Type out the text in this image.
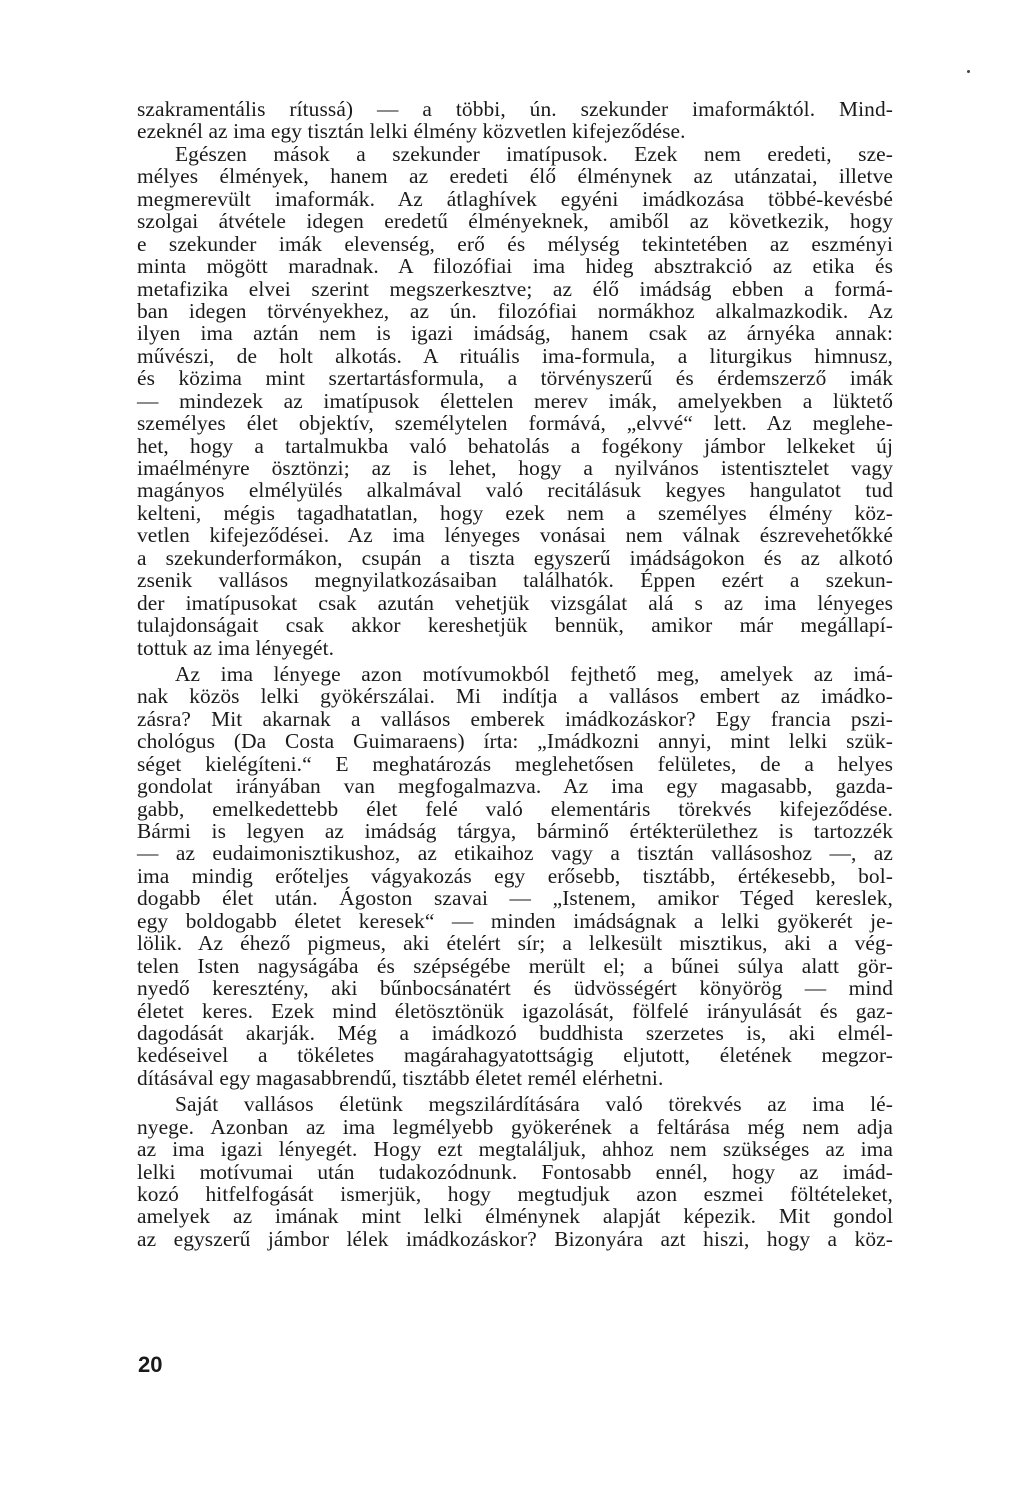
szakramentális rítussá) — a többi, ún. szekunder imaformáktól. Mind-
ezeknél az ima egy tisztán lelki élmény közvetlen kifejeződése.
Egészen mások a szekunder imatípusok. Ezek nem eredeti, sze-
mélyes élmények, hanem az eredeti élő élménynek az utánzatai, illetve
megmerevült imaformák. Az átlaghívek egyéni imádkozása többé-kevésbé
szolgai átvétele idegen eredetű élményeknek, amiből az következik, hogy
e szekunder imák elevenség, erő és mélység tekintetében az eszményi
minta mögött maradnak. A filozófiai ima hideg absztrakció az etika és
metafizika elvei szerint megszerkesztve; az élő imádság ebben a formá-
ban idegen törvényekhez, az ún. filozófiai normákhoz alkalmazkodik. Az
ilyen ima aztán nem is igazi imádság, hanem csak az árnyéka annak:
művészi, de holt alkotás. A rituális ima-formula, a liturgikus himnusz,
és közima mint szertartásformula, a törvényszerű és érdemszerző imák
— mindezek az imatípusok élettelen merev imák, amelyekben a lüktető
személyes élet objektív, személytelen formává, „elvvé“ lett. Az meglehe-
het, hogy a tartalmukba való behatolás a fogékony jámbor lelkeket új
imaélményre ösztönzi; az is lehet, hogy a nyilvános istentisztelet vagy
magányos elmélyülés alkalmával való recitálásuk kegyes hangulatot tud
kelteni, mégis tagadhatatlan, hogy ezek nem a személyes élmény köz-
vetlen kifejeződései. Az ima lényeges vonásai nem válnak észrevehetőkké
a szekunderformákon, csupán a tiszta egyszerű imádságokon és az alkotó
zsenik vallásos megnyilatkozásaiban találhatók. Éppen ezért a szekun-
der imatípusokat csak azután vehetjük vizsgálat alá s az ima lényeges
tulajdonságait csak akkor kereshetjük bennük, amikor már megállapí-
tottuk az ima lényegét.
Az ima lényege azon motívumokból fejthető meg, amelyek az imá-
nak közös lelki gyökérszálai. Mi indítja a vallásos embert az imádko-
zásra? Mit akarnak a vallásos emberek imádkozáskor? Egy francia pszi-
chológus (Da Costa Guimaraens) írta: „Imádkozni annyi, mint lelki szük-
séget kielégíteni.“ E meghatározás meglehetősen felületes, de a helyes
gondolat irányában van megfogalmazva. Az ima egy magasabb, gazda-
gabb, emelkedettebb élet felé való elementáris törekvés kifejeződése.
Bármi is legyen az imádság tárgya, bárminő értékterülethez is tartozzék
— az eudaimonisztikushoz, az etikaihoz vagy a tisztán vallásoshoz —, az
ima mindig erőteljes vágyakozás egy erősebb, tisztább, értékesebb, bol-
dogabb élet után. Ágoston szavai — „Istenem, amikor Téged kereslek,
egy boldogabb életet keresek“ — minden imádságnak a lelki gyökerét je-
lölik. Az éhező pigmeus, aki ételért sír; a lelkesült misztikus, aki a vég-
telen Isten nagyságába és szépségébe merült el; a bűnei súlya alatt gör-
nyedő keresztény, aki bűnbocsánatért és üdvösségért könyörög — mind
életet keres. Ezek mind életösztönük igazolását, fölfelé irányulását és gaz-
dagodását akarják. Még a imádkozó buddhista szerzetes is, aki elmél-
kedéseivel a tökéletes magárahagyatottságig eljutott, életének megzor-
dításával egy magasabbrendű, tisztább életet remél elérhetni.
Saját vallásos életünk megszilárdítására való törekvés az ima lé-
nyege. Azonban az ima legmélyebb gyökerének a feltárása még nem adja
az ima igazi lényegét. Hogy ezt megtaláljuk, ahhoz nem szükséges az ima
lelki motívumai után tudakozódnunk. Fontosabb ennél, hogy az imád-
kozó hitfelfogását ismerjük, hogy megtudjuk azon eszmei föltételeket,
amelyek az imának mint lelki élménynek alapját képezik. Mit gondol
az egyszerű jámbor lélek imádkozáskor? Bizonyára azt hiszi, hogy a köz-
20
